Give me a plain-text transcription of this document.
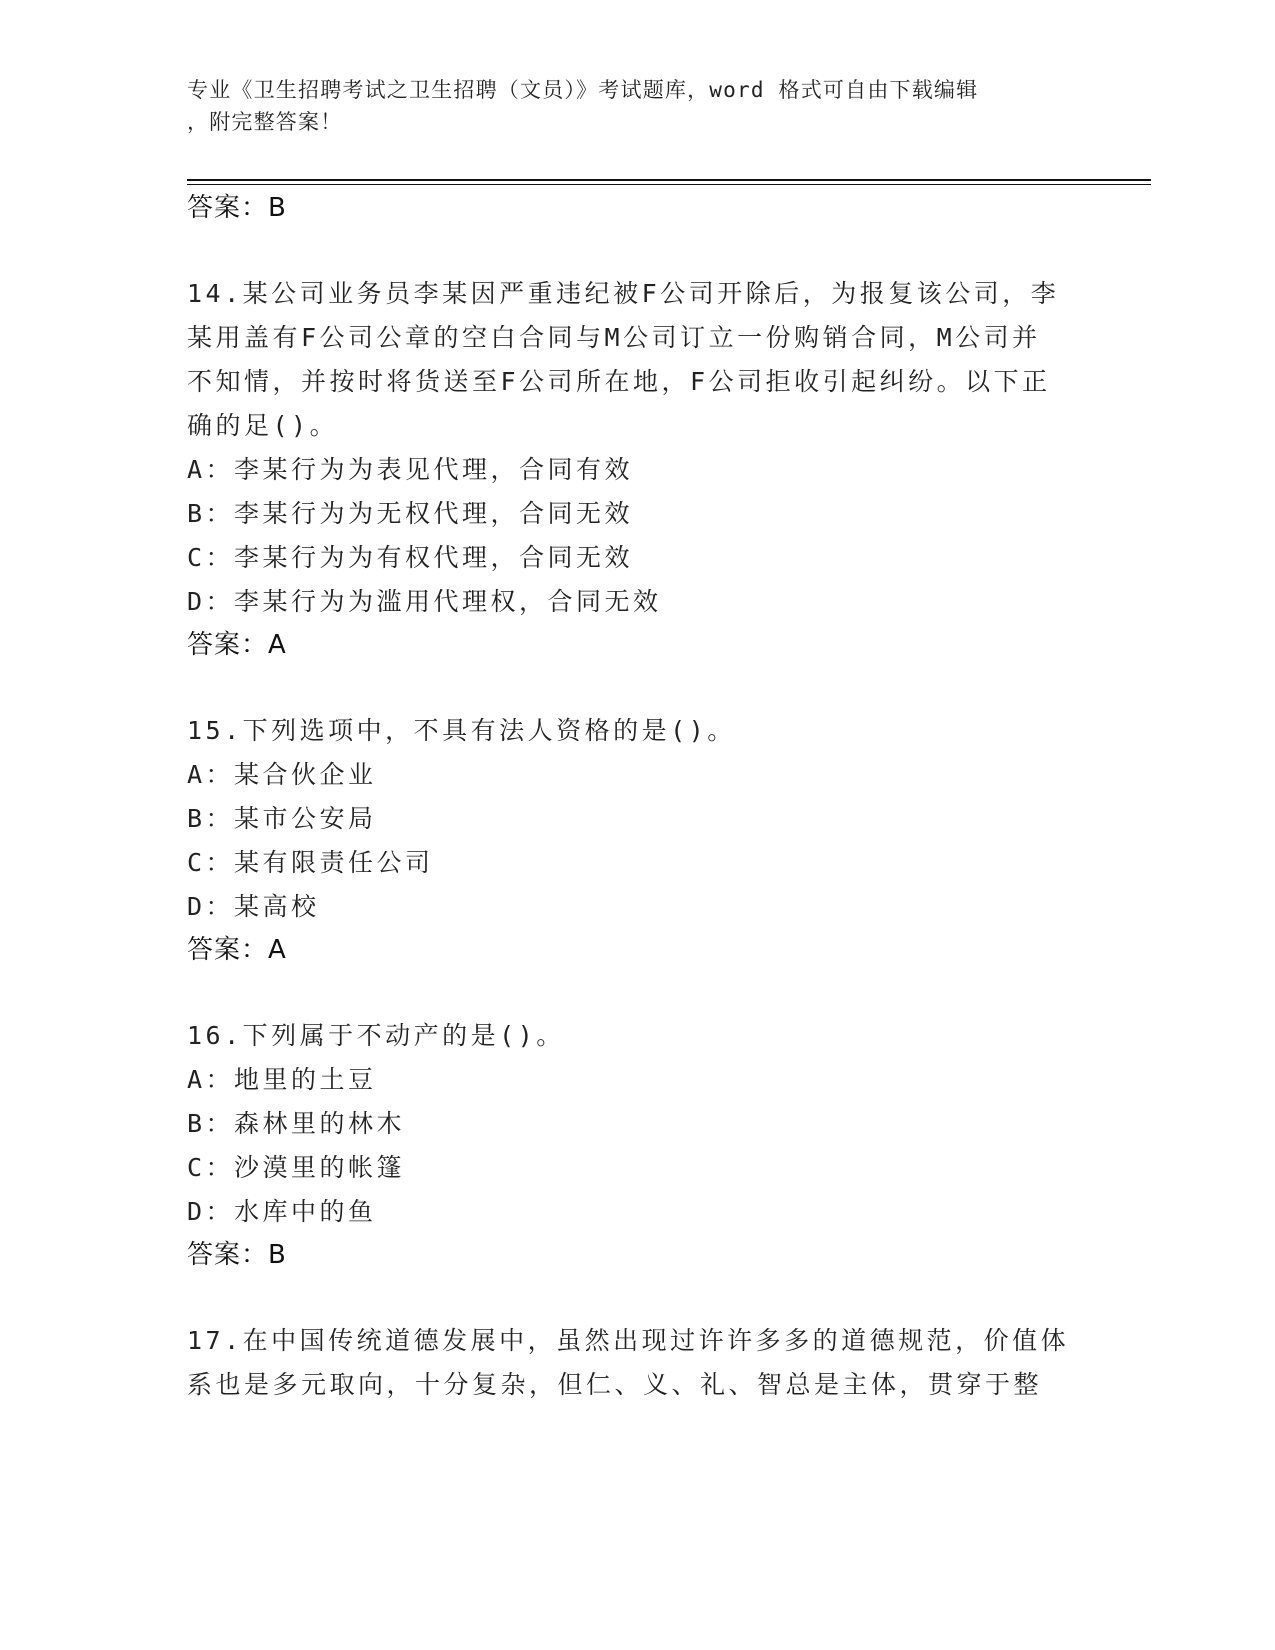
专业《卫生招聘考试之卫生招聘（文员）》考试题库，word 格式可自由下载编辑
，附完整答案！
答案：B
14.某公司业务员李某因严重违纪被F公司开除后，为报复该公司，李
某用盖有F公司公章的空白合同与M公司订立一份购销合同，M公司并
不知情，并按时将货送至F公司所在地，F公司拒收引起纠纷。以下正
确的足()。
A：李某行为为表见代理，合同有效
B：李某行为为无权代理，合同无效
C：李某行为为有权代理，合同无效
D：李某行为为滥用代理权，合同无效
答案：A
15.下列选项中，不具有法人资格的是()。
A：某合伙企业
B：某市公安局
C：某有限责任公司
D：某高校
答案：A
16.下列属于不动产的是()。
A：地里的土豆
B：森林里的林木
C：沙漠里的帐篷
D：水库中的鱼
答案：B
17.在中国传统道德发展中，虽然出现过许许多多的道德规范，价值体
系也是多元取向，十分复杂，但仁、义、礼、智总是主体，贯穿于整
